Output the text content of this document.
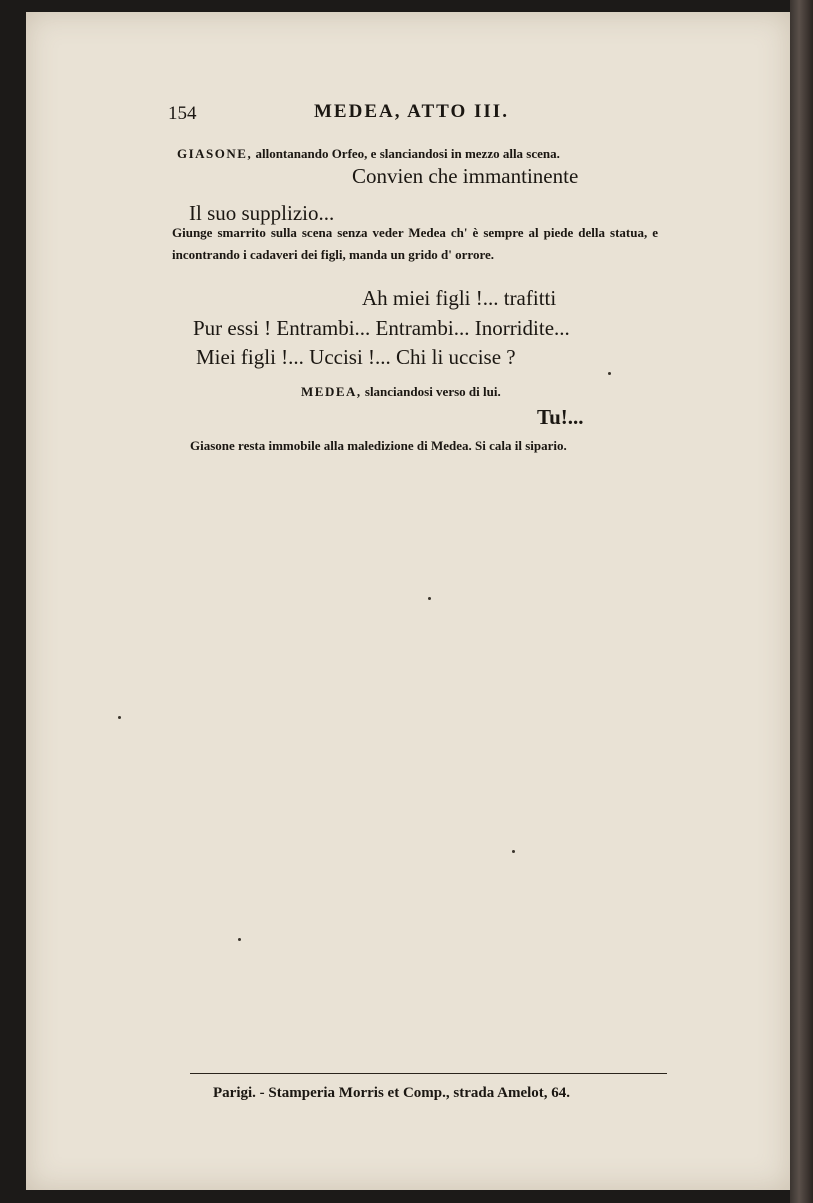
154	MEDEA, ATTO III.
GIASONE, allontanando Orfeo, e slanciandosi in mezzo alla scena.
Convien che immantinente
Il suo supplizio...
Giunge smarrito sulla scena senza veder Medea ch' è sempre al piede della statua, e incontrando i cadaveri dei figli, manda un grido d' orrore.
Ah miei figli !... trafitti
Pur essi ! Entrambi... Entrambi... Inorridite...
Miei figli !... Uccisi !... Chi li uccise ?
MEDEA, slanciandosi verso di lui.
Tu!...
Giasone resta immobile alla maledizione di Medea. Si cala il sipario.
Parigi. - Stamperia Morris et Comp., strada Amelot, 64.
